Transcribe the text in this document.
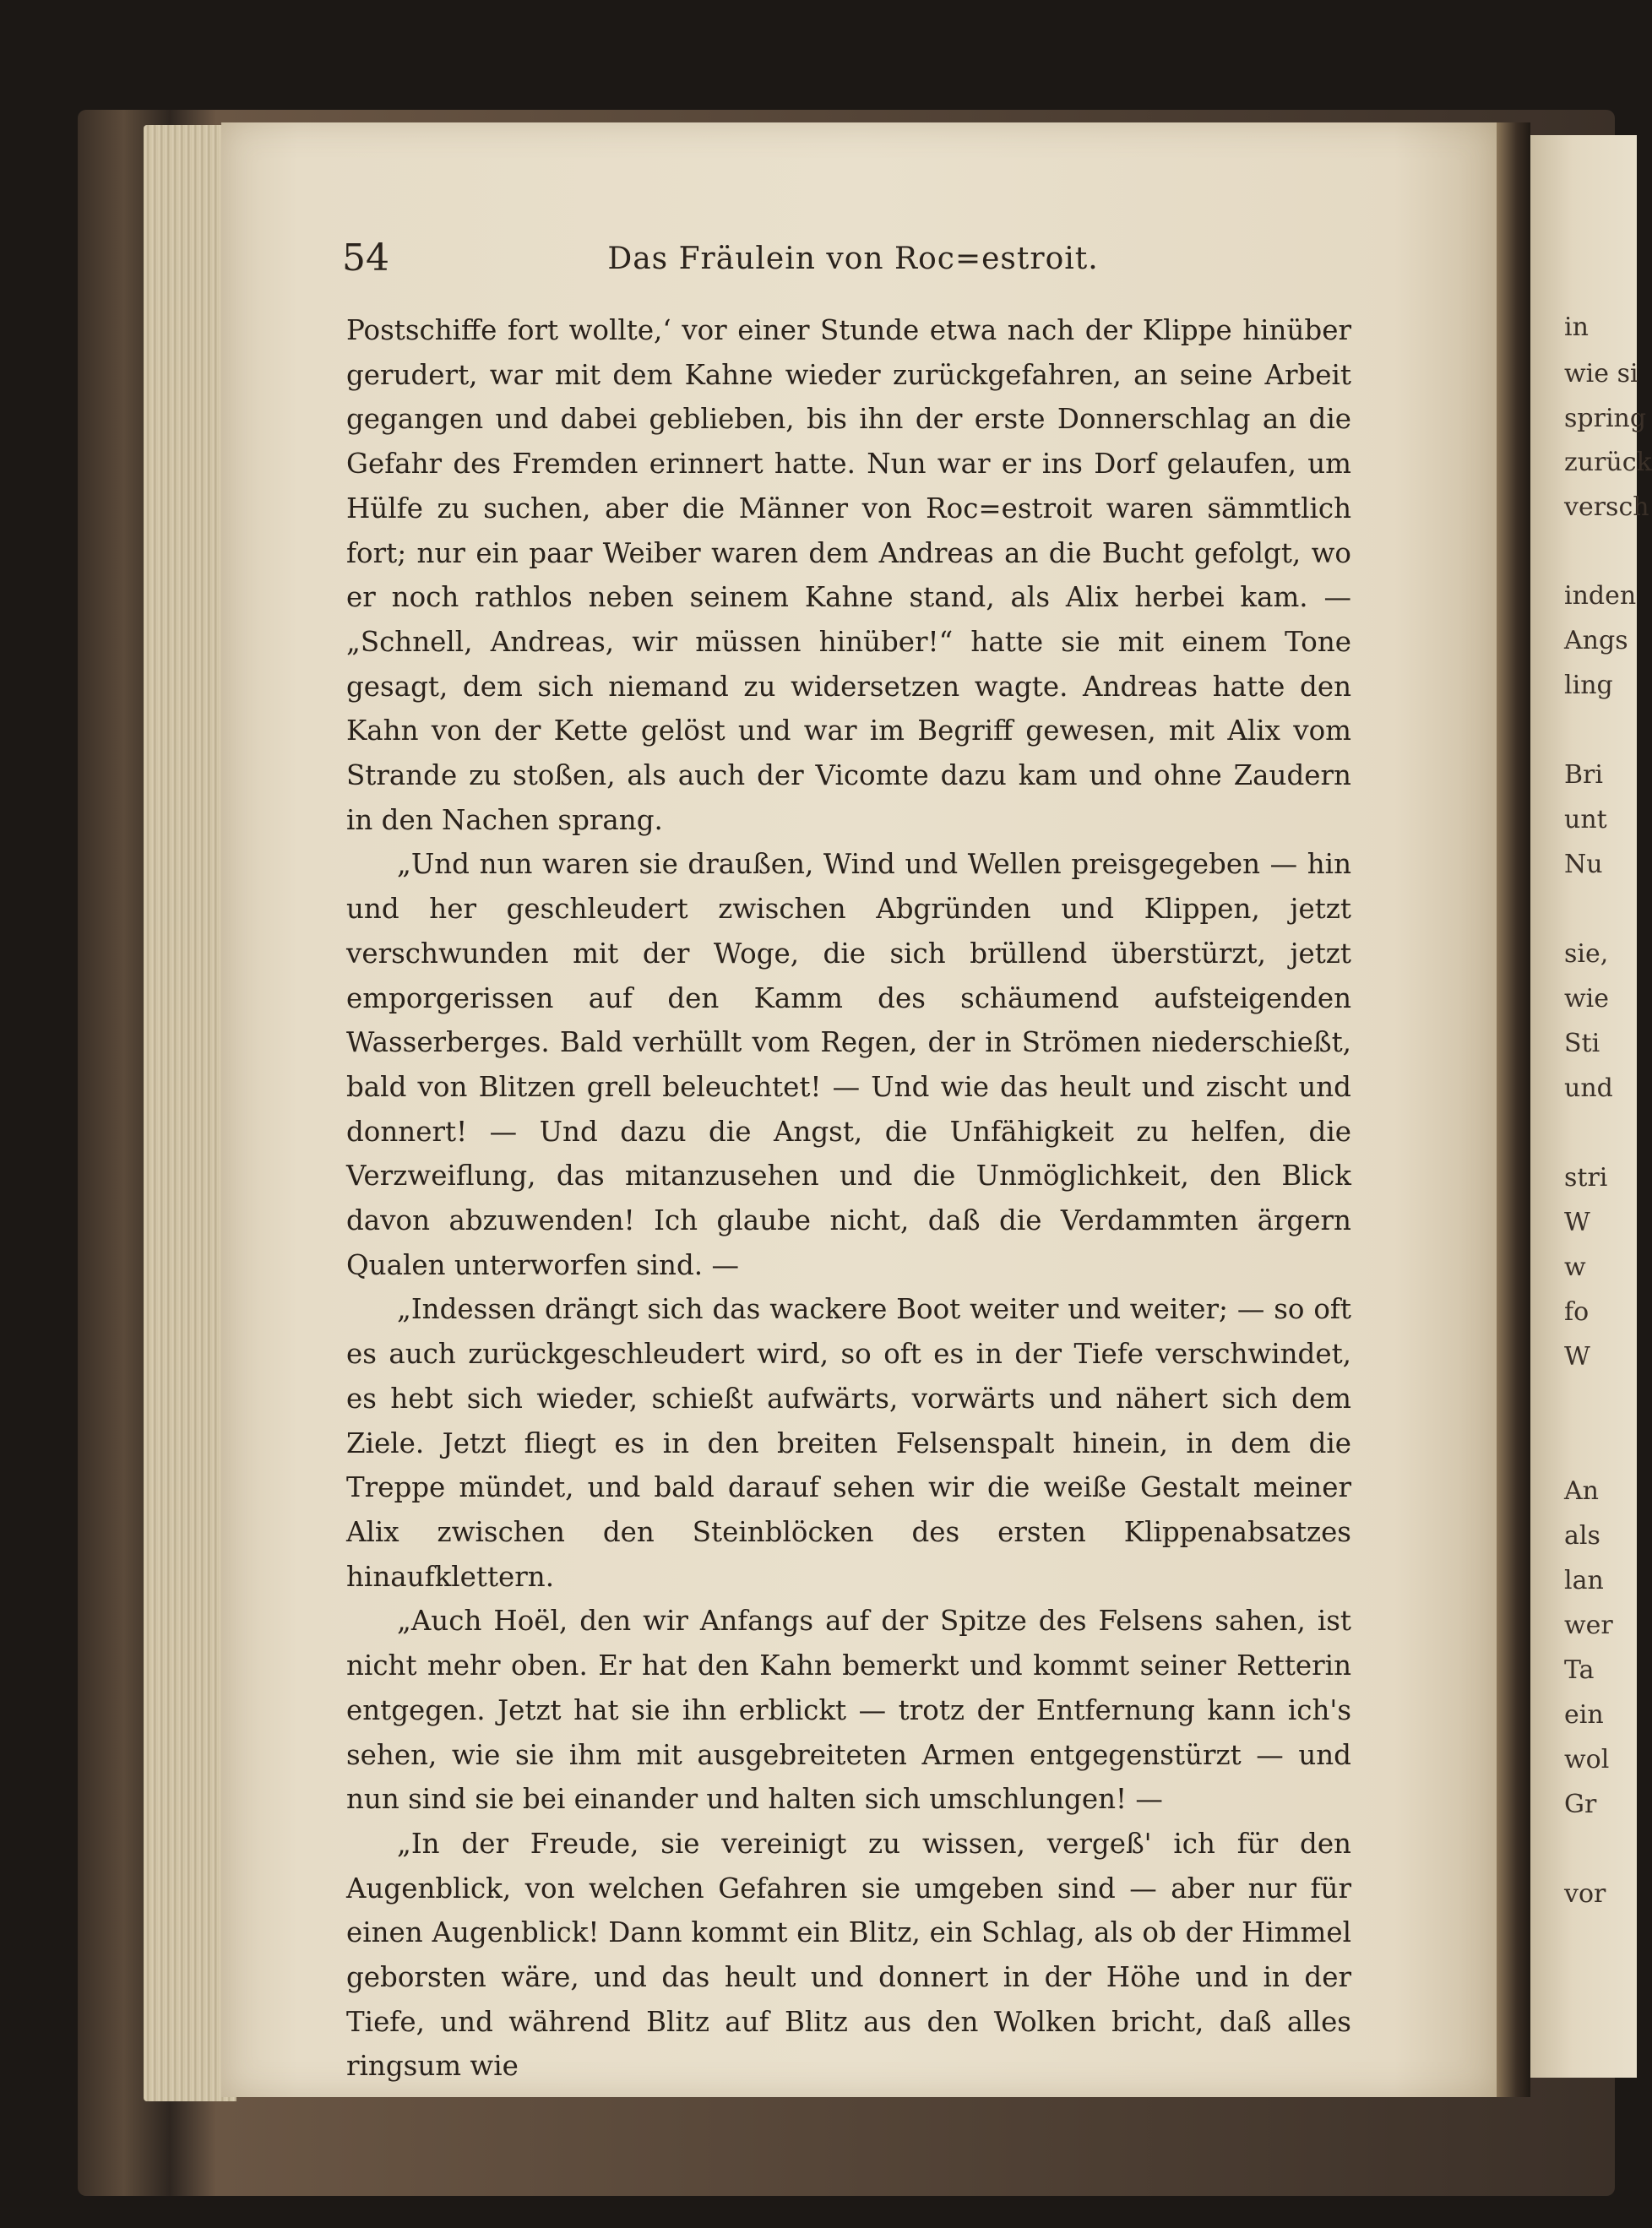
54	Das Fräulein von Roc=estroit.

Postschiffe fort wollte,‘ vor einer Stunde etwa nach der Klippe hinüber gerudert, war mit dem Kahne wieder zurückgefahren, an seine Arbeit gegangen und dabei geblieben, bis ihn der erste Donnerschlag an die Gefahr des Fremden erinnert hatte. Nun war er ins Dorf gelaufen, um Hülfe zu suchen, aber die Männer von Roc=estroit waren sämmtlich fort; nur ein paar Weiber waren dem Andreas an die Bucht gefolgt, wo er noch rathlos neben seinem Kahne stand, als Alix herbei kam. — „Schnell, Andreas, wir müssen hinüber!“ hatte sie mit einem Tone gesagt, dem sich niemand zu widersetzen wagte. Andreas hatte den Kahn von der Kette gelöst und war im Begriff gewesen, mit Alix vom Strande zu stoßen, als auch der Vicomte dazu kam und ohne Zaudern in den Nachen sprang.

„Und nun waren sie draußen, Wind und Wellen preisgegeben — hin und her geschleudert zwischen Abgründen und Klippen, jetzt verschwunden mit der Woge, die sich brüllend überstürzt, jetzt emporgerissen auf den Kamm des schäumend aufsteigenden Wasserberges. Bald verhüllt vom Regen, der in Strömen niederschießt, bald von Blitzen grell beleuchtet! — Und wie das heult und zischt und donnert! — Und dazu die Angst, die Unfähigkeit zu helfen, die Verzweiflung, das mitanzusehen und die Unmöglichkeit, den Blick davon abzuwenden! Ich glaube nicht, daß die Verdammten ärgern Qualen unterworfen sind. —

„Indessen drängt sich das wackere Boot weiter und weiter; — so oft es auch zurückgeschleudert wird, so oft es in der Tiefe verschwindet, es hebt sich wieder, schießt aufwärts, vorwärts und nähert sich dem Ziele. Jetzt fliegt es in den breiten Felsenspalt hinein, in dem die Treppe mündet, und bald darauf sehen wir die weiße Gestalt meiner Alix zwischen den Steinblöcken des ersten Klippenabsatzes hinaufklettern.

„Auch Hoël, den wir Anfangs auf der Spitze des Felsens sahen, ist nicht mehr oben. Er hat den Kahn bemerkt und kommt seiner Retterin entgegen. Jetzt hat sie ihn erblickt — trotz der Entfernung kann ich's sehen, wie sie ihm mit ausgebreiteten Armen entgegenstürzt — und nun sind sie bei einander und halten sich umschlungen! —

„In der Freude, sie vereinigt zu wissen, vergeß' ich für den Augenblick, von welchen Gefahren sie umgeben sind — aber nur für einen Augenblick! Dann kommt ein Blitz, ein Schlag, als ob der Himmel geborsten wäre, und das heult und donnert in der Höhe und in der Tiefe, und während Blitz auf Blitz aus den Wolken bricht, daß alles ringsum wie

in
wie si
spring
zurück
versch
inden
Angs
ling
Bri
unt
Nu
sie,
wie
Sti
und
stri
W
w
fo
W
An
als
lan
wer
Ta
ein
wol
Gr
vor
